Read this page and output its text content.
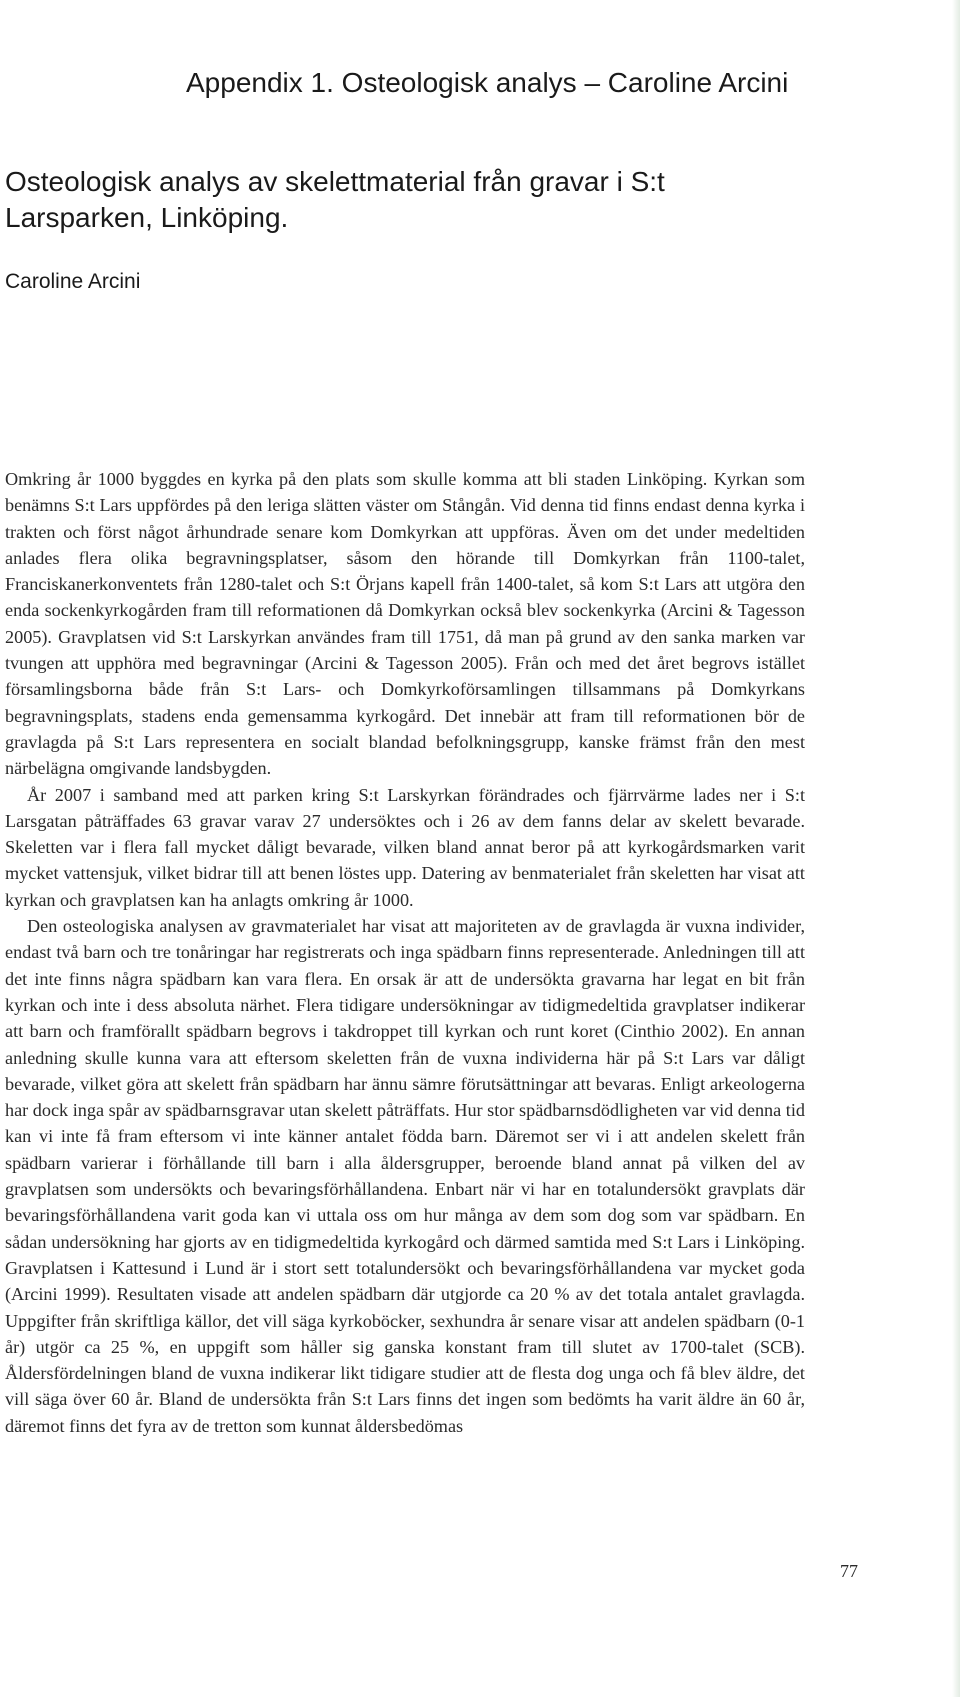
Appendix 1. Osteologisk analys – Caroline Arcini
Osteologisk analys av skelettmaterial från gravar i S:t Larsparken, Linköping.
Caroline Arcini

Omkring år 1000 byggdes en kyrka på den plats som skulle komma att bli staden Linköping. Kyrkan som benämns S:t Lars uppfördes på den leriga slätten väster om Stångån. Vid denna tid finns endast denna kyrka i trakten och först något århundrade senare kom Domkyrkan att uppföras. Även om det under medeltiden anlades flera olika begravningsplatser, såsom den hörande till Domkyrkan från 1100-talet, Franciskanerkonventets från 1280-talet och S:t Örjans kapell från 1400-talet, så kom S:t Lars att utgöra den enda sockenkyrkogården fram till reformationen då Domkyrkan också blev sockenkyrka (Arcini & Tagesson 2005). Gravplatsen vid S:t Larskyrkan användes fram till 1751, då man på grund av den sanka marken var tvungen att upphöra med begravningar (Arcini & Tagesson 2005). Från och med det året begrovs istället församlingsborna både från S:t Lars- och Domkyrkoförsamlingen tillsammans på Domkyrkans begravningsplats, stadens enda gemensamma kyrkogård. Det innebär att fram till reformationen bör de gravlagda på S:t Lars representera en socialt blandad befolkningsgrupp, kanske främst från den mest närbelägna omgivande landsbygden.

År 2007 i samband med att parken kring S:t Larskyrkan förändrades och fjärrvärme lades ner i S:t Larsgatan påträffades 63 gravar varav 27 undersöktes och i 26 av dem fanns delar av skelett bevarade. Skeletten var i flera fall mycket dåligt bevarade, vilken bland annat beror på att kyrkogårdsmarken varit mycket vattensjuk, vilket bidrar till att benen löstes upp. Datering av benmaterialet från skeletten har visat att kyrkan och gravplatsen kan ha anlagts omkring år 1000.

Den osteologiska analysen av gravmaterialet har visat att majoriteten av de gravlagda är vuxna individer, endast två barn och tre tonåringar har registrerats och inga spädbarn finns representerade. Anledningen till att det inte finns några spädbarn kan vara flera. En orsak är att de undersökta gravarna har legat en bit från kyrkan och inte i dess absoluta närhet. Flera tidigare undersökningar av tidigmedeltida gravplatser indikerar att barn och framförallt spädbarn begrovs i takdroppet till kyrkan och runt koret (Cinthio 2002). En annan anledning skulle kunna vara att eftersom skeletten från de vuxna individerna här på S:t Lars var dåligt bevarade, vilket göra att skelett från spädbarn har ännu sämre förutsättningar att bevaras. Enligt arkeologerna har dock inga spår av spädbarnsgravar utan skelett påträffats. Hur stor spädbarnsdödligheten var vid denna tid kan vi inte få fram eftersom vi inte känner antalet födda barn. Däremot ser vi i att andelen skelett från spädbarn varierar i förhållande till barn i alla åldersgrupper, beroende bland annat på vilken del av gravplatsen som undersökts och bevaringsförhållandena. Enbart när vi har en totalundersökt gravplats där bevaringsförhållandena varit goda kan vi uttala oss om hur många av dem som dog som var spädbarn. En sådan undersökning har gjorts av en tidigmedeltida kyrkogård och därmed samtida med S:t Lars i Linköping. Gravplatsen i Kattesund i Lund är i stort sett totalundersökt och bevaringsförhållandena var mycket goda (Arcini 1999). Resultaten visade att andelen spädbarn där utgjorde ca 20 % av det totala antalet gravlagda. Uppgifter från skriftliga källor, det vill säga kyrkoböcker, sexhundra år senare visar att andelen spädbarn (0-1 år) utgör ca 25 %, en uppgift som håller sig ganska konstant fram till slutet av 1700-talet (SCB). Åldersfördelningen bland de vuxna indikerar likt tidigare studier att de flesta dog unga och få blev äldre, det vill säga över 60 år. Bland de undersökta från S:t Lars finns det ingen som bedömts ha varit äldre än 60 år, däremot finns det fyra av de tretton som kunnat åldersbedömas

77
